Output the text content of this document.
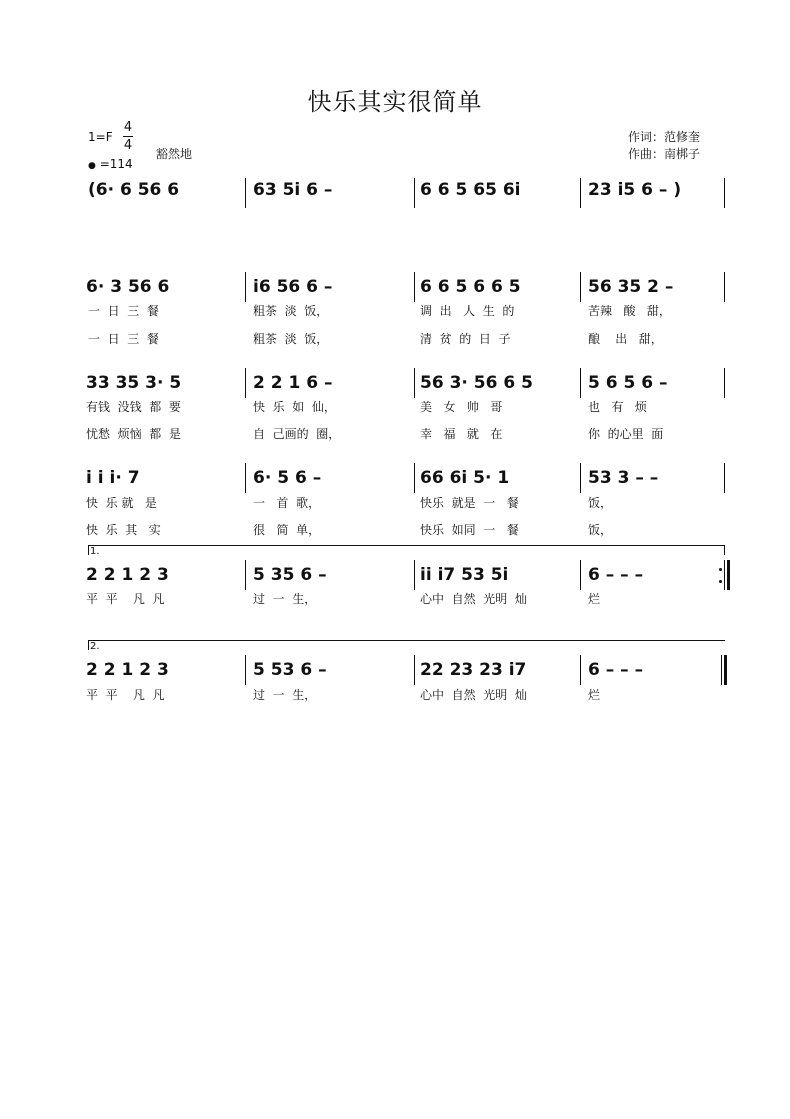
快乐其实很简单
1=F
4
4
● =114
豁然地
作词：范修奎
作曲：南梆子
(6· 6 56 6	63 5i 6 –	6 6 5 65 6i	23 i5 6 – )
6· 3 56 6	i6 56 6 –	6 6 5 6 6 5	56 35 2 –
一  日  三  餐	粗茶  淡  饭，	调  出   人  生  的	苦辣   酸   甜，
一  日  三  餐	粗茶  淡  饭，	清  贫  的  日  子	酿    出   甜，
33 35 3· 5	2 2 1 6 –	56 3· 56 6 5	5 6 5 6 –
有钱  没钱  都  要	快  乐  如  仙，	美   女   帅   哥	也   有   烦
忧愁  烦恼  都  是	自  己画的  圈，	幸   福   就   在	你  的心里  面
i i i· 7	6· 5 6 –	66 6i 5· 1	53 3 – –
快  乐 就   是	一   首  歌，	快乐  就是  一   餐	饭，
快  乐  其   实	很   简  单，	快乐  如同  一   餐	饭，
1.
2 2 1 2 3	5 35 6 –	ii i7 53 5i	6 – – –
平  平    凡  凡	过  一  生，	心中  自然  光明  灿	烂
2.
2 2 1 2 3	5 53 6 –	22 23 23 i7	6 – – –
平  平    凡  凡	过  一  生，	心中  自然  光明  灿	烂
